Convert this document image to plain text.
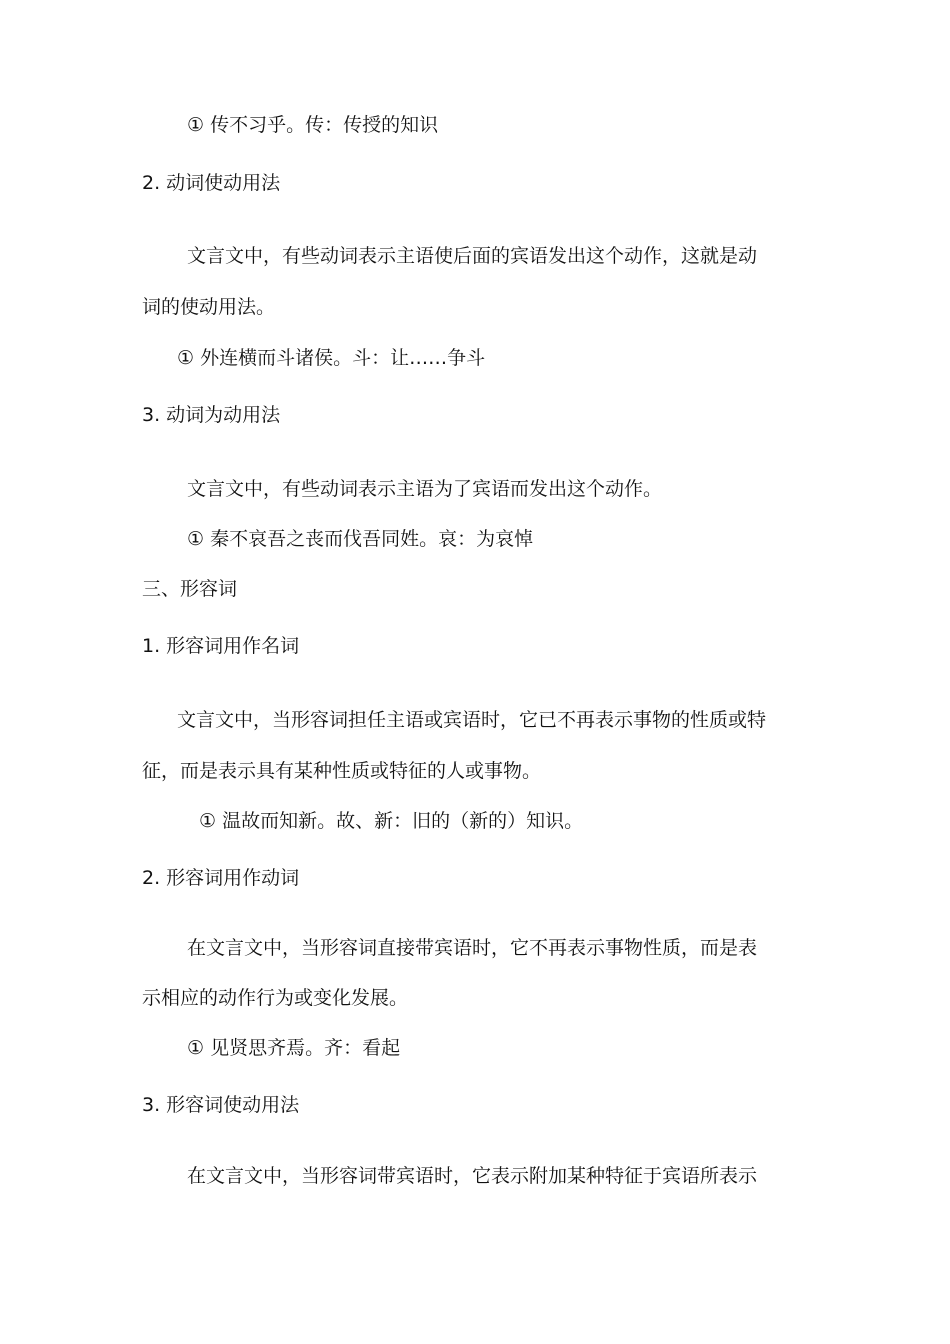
① 传不习乎。传：传授的知识
2. 动词使动用法
文言文中，有些动词表示主语使后面的宾语发出这个动作，这就是动
词的使动用法。
① 外连横而斗诸侯。斗：让……争斗
3. 动词为动用法
文言文中，有些动词表示主语为了宾语而发出这个动作。
① 秦不哀吾之丧而伐吾同姓。哀：为哀悼
三、形容词
1. 形容词用作名词
文言文中，当形容词担任主语或宾语时，它已不再表示事物的性质或特
征，而是表示具有某种性质或特征的人或事物。
① 温故而知新。故、新：旧的（新的）知识。
2. 形容词用作动词
在文言文中，当形容词直接带宾语时，它不再表示事物性质，而是表
示相应的动作行为或变化发展。
① 见贤思齐焉。齐：看起
3. 形容词使动用法
在文言文中，当形容词带宾语时，它表示附加某种特征于宾语所表示
